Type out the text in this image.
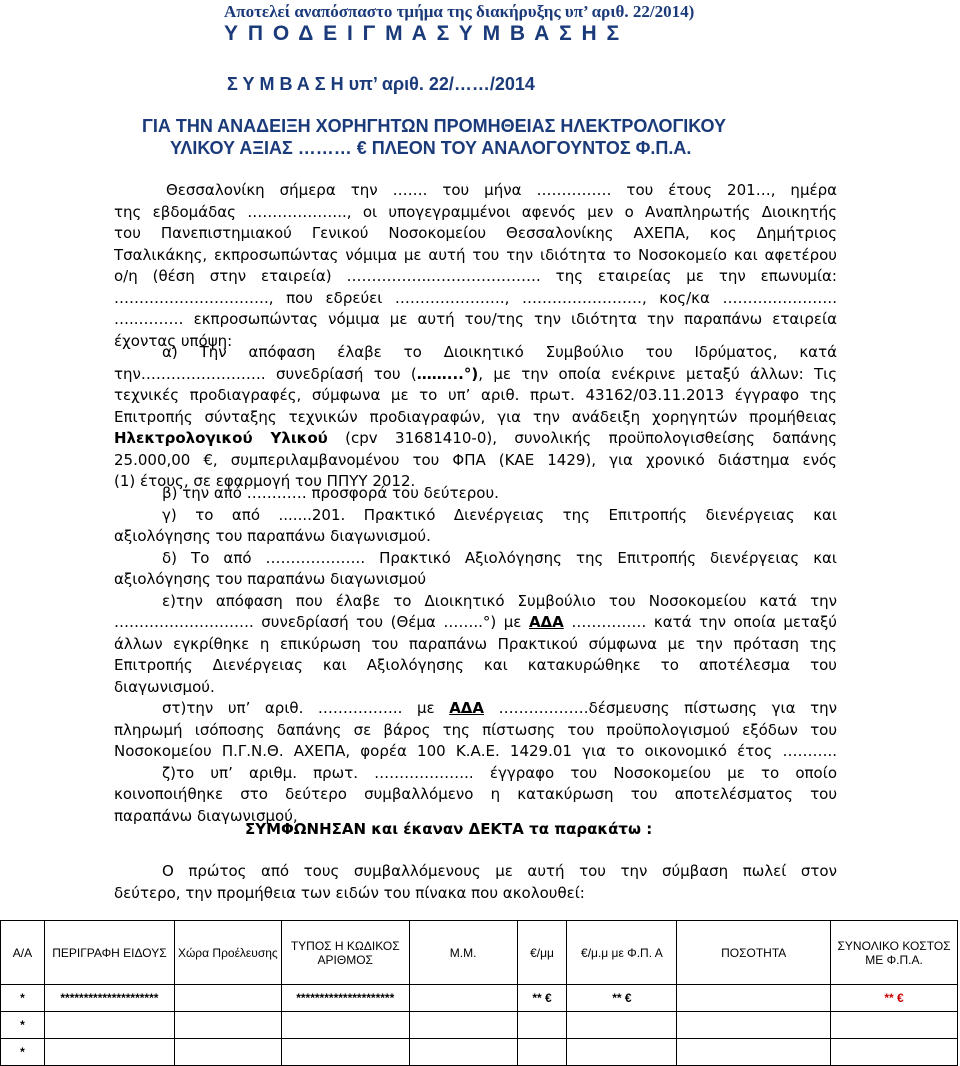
Αποτελεί αναπόσπαστο τμήμα της διακήρυξης υπ’ αριθ. 22/2014)
Υ Π Ο Δ Ε Ι Γ Μ Α Σ Υ Μ Β Α Σ Η Σ
Σ Υ Μ Β Α Σ Η υπ’ αριθ. 22/……/2014
ΓΙΑ ΤΗΝ ΑΝΑΔΕΙΞΗ ΧΟΡΗΓΗΤΩΝ ΠΡΟΜΗΘΕΙΑΣ ΗΛΕΚΤΡΟΛΟΓΙΚΟΥ
ΥΛΙΚΟΥ ΑΞΙΑΣ ……… € ΠΛΕΟΝ ΤΟΥ ΑΝΑΛΟΓΟΥΝΤΟΣ Φ.Π.Α.
Θεσσαλονίκη σήμερα την ……. του μήνα …………… του έτους 201…, ημέρα
της εβδομάδας ……………….., οι υπογεγραμμένοι αφενός μεν ο Αναπληρωτής Διοικητής
του Πανεπιστημιακού Γενικού Νοσοκομείου Θεσσαλονίκης ΑΧΕΠΑ, κος Δημήτριος
Τσαλικάκης, εκπροσωπώντας νόμιμα με αυτή του την ιδιότητα το Νοσοκομείο και αφετέρου
ο/η (θέση στην εταιρεία) ……………..…………………. της εταιρείας με την επωνυμία:
…………………………., που εδρεύει …………………., ……………………, κος/κα ……….………….
…..……… εκπροσωπώντας νόμιμα με αυτή του/της την ιδιότητα την παραπάνω εταιρεία
έχοντας υπόψη:
α) Την απόφαση έλαβε το Διοικητικό Συμβούλιο του Ιδρύματος, κατά
την……………………. συνεδρίασή του (……...°), με την οποία ενέκρινε μεταξύ άλλων: Τις
τεχνικές προδιαγραφές, σύμφωνα με το υπ’ αριθ. πρωτ. 43162/03.11.2013 έγγραφο της
Επιτροπής σύνταξης τεχνικών προδιαγραφών, για την ανάδειξη χορηγητών προμήθειας
Ηλεκτρολογικού Υλικού (cpv 31681410-0), συνολικής προϋπολογισθείσης δαπάνης
25.000,00 €, συμπεριλαμβανομένου του ΦΠΑ (ΚΑΕ 1429), για χρονικό διάστημα ενός
(1) έτους, σε εφαρμογή του ΠΠΥΥ 2012.
β) την από ………… προσφορά του δεύτερου.
γ) το από .......201. Πρακτικό Διενέργειας της Επιτροπής διενέργειας και
αξιολόγησης του παραπάνω διαγωνισμού.
δ) Το από ……………….. Πρακτικό Αξιολόγησης της Επιτροπής διενέργειας και
αξιολόγησης του παραπάνω διαγωνισμού
ε)την απόφαση που έλαβε το Διοικητικό Συμβούλιο του Νοσοκομείου κατά την
………………………. συνεδρίασή του (Θέμα ……..°) με ΑΔΑ …………… κατά την οποία μεταξύ
άλλων εγκρίθηκε η επικύρωση του παραπάνω Πρακτικού σύμφωνα με την πρόταση της
Επιτροπής Διενέργειας και Αξιολόγησης και κατακυρώθηκε το αποτέλεσμα του
διαγωνισμού.
στ)την υπ’ αριθ. …………….. με ΑΔΑ ………………δέσμευσης πίστωσης για την
πληρωμή ισόποσης δαπάνης σε βάρος της πίστωσης του προϋπολογισμού εξόδων του
Νοσοκομείου Π.Γ.Ν.Θ. ΑΧΕΠΑ, φορέα 100 Κ.Α.Ε. 1429.01 για το οικονομικό έτος ………..
ζ)το υπ’ αριθμ. πρωτ. ……………….. έγγραφο του Νοσοκομείου με το οποίο
κοινοποιήθηκε στο δεύτερο συμβαλλόμενο η κατακύρωση του αποτελέσματος του
παραπάνω διαγωνισμού,
ΣΥΜΦΩΝΗΣΑΝ και έκαναν ΔΕΚΤΑ τα παρακάτω :
Ο πρώτος από τους συμβαλλόμενους με αυτή του την σύμβαση πωλεί στον
δεύτερο, την προμήθεια των ειδών του πίνακα που ακολουθεί:
Α/Α	ΠΕΡΙΓΡΑΦΗ ΕΙΔΟΥΣ	Χώρα Προέλευσης	ΤΥΠΟΣ Η ΚΩΔΙΚΟΣ ΑΡΙΘΜΟΣ	Μ.Μ.	€/μμ	€/μ.μ με Φ.Π. Α	ΠΟΣΟΤΗΤΑ	ΣΥΝΟΛΙΚΟ ΚΟΣΤΟΣ ΜΕ Φ.Π.Α.
*	*********************		*********************		** €	** €		** €
*								
*								
